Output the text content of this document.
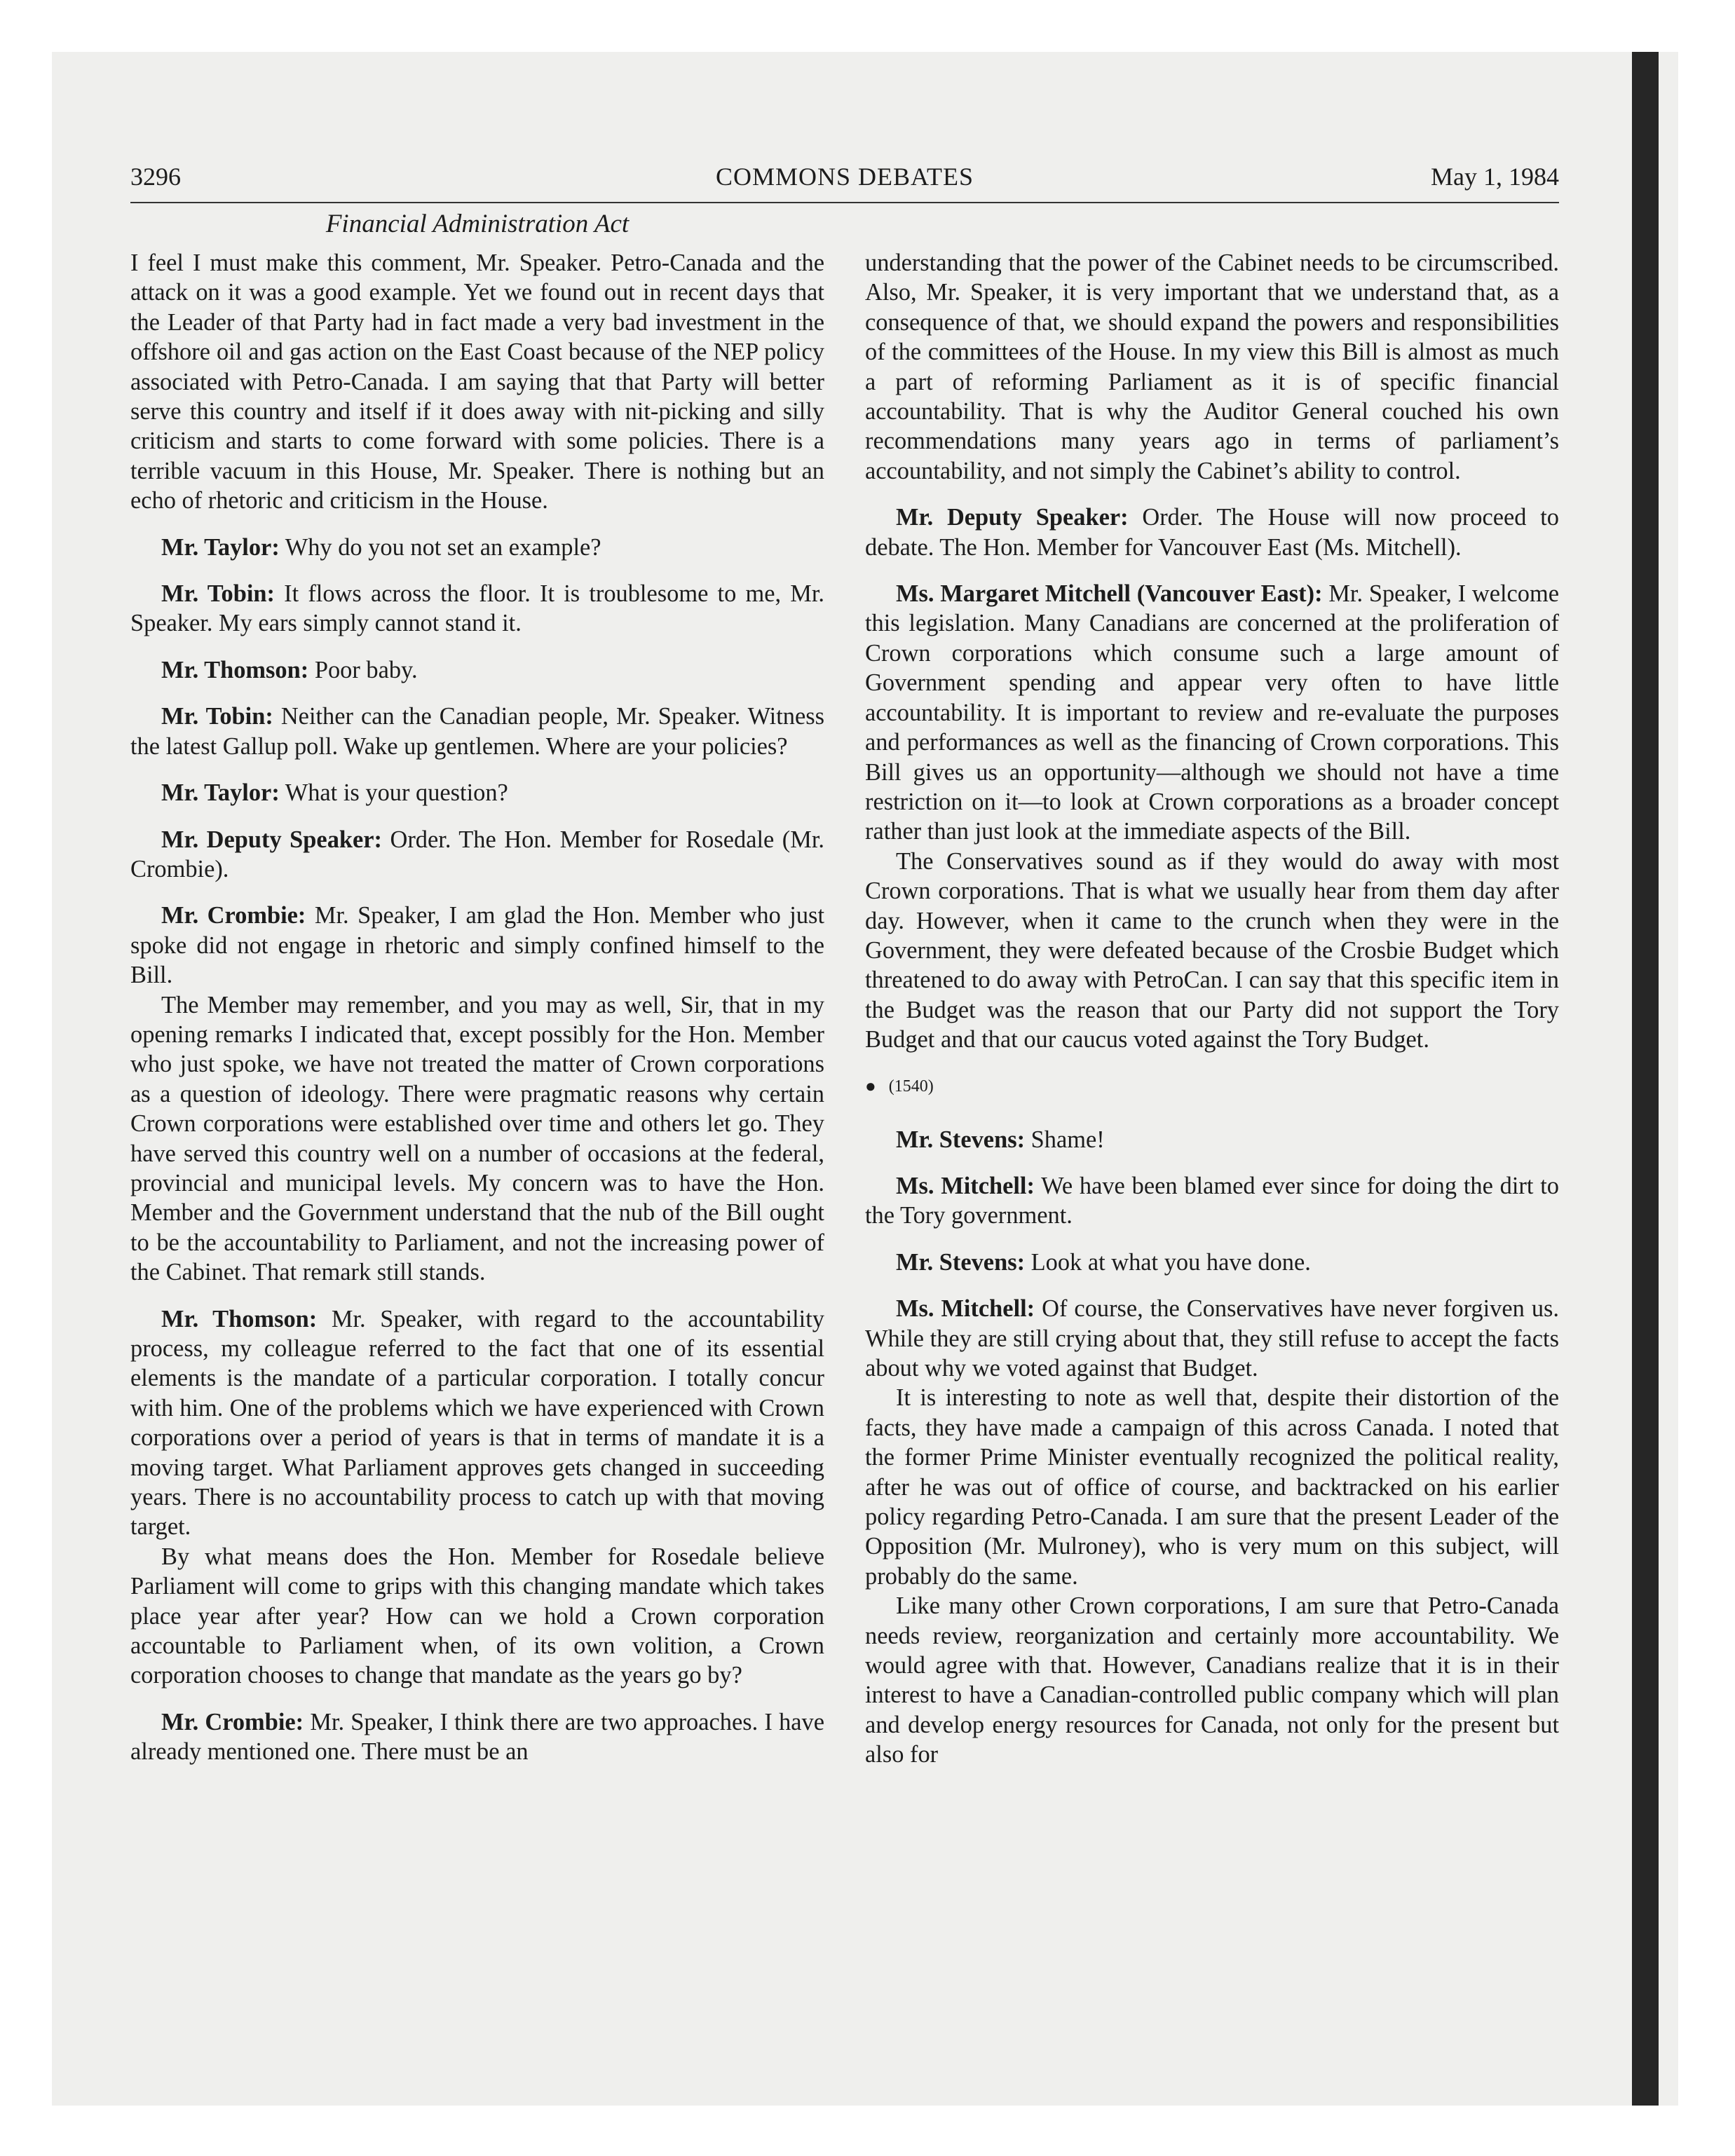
3296	COMMONS DEBATES	May 1, 1984
Financial Administration Act

I feel I must make this comment, Mr. Speaker. Petro-Canada and the attack on it was a good example. Yet we found out in recent days that the Leader of that Party had in fact made a very bad investment in the offshore oil and gas action on the East Coast because of the NEP policy associated with Petro-Canada. I am saying that that Party will better serve this country and itself if it does away with nit-picking and silly criticism and starts to come forward with some policies. There is a terrible vacuum in this House, Mr. Speaker. There is nothing but an echo of rhetoric and criticism in the House.

Mr. Taylor: Why do you not set an example?

Mr. Tobin: It flows across the floor. It is troublesome to me, Mr. Speaker. My ears simply cannot stand it.

Mr. Thomson: Poor baby.

Mr. Tobin: Neither can the Canadian people, Mr. Speaker. Witness the latest Gallup poll. Wake up gentlemen. Where are your policies?

Mr. Taylor: What is your question?

Mr. Deputy Speaker: Order. The Hon. Member for Rosedale (Mr. Crombie).

Mr. Crombie: Mr. Speaker, I am glad the Hon. Member who just spoke did not engage in rhetoric and simply confined himself to the Bill.

The Member may remember, and you may as well, Sir, that in my opening remarks I indicated that, except possibly for the Hon. Member who just spoke, we have not treated the matter of Crown corporations as a question of ideology. There were pragmatic reasons why certain Crown corporations were established over time and others let go. They have served this country well on a number of occasions at the federal, provincial and municipal levels. My concern was to have the Hon. Member and the Government understand that the nub of the Bill ought to be the accountability to Parliament, and not the increasing power of the Cabinet. That remark still stands.

Mr. Thomson: Mr. Speaker, with regard to the accountability process, my colleague referred to the fact that one of its essential elements is the mandate of a particular corporation. I totally concur with him. One of the problems which we have experienced with Crown corporations over a period of years is that in terms of mandate it is a moving target. What Parliament approves gets changed in succeeding years. There is no accountability process to catch up with that moving target.

By what means does the Hon. Member for Rosedale believe Parliament will come to grips with this changing mandate which takes place year after year? How can we hold a Crown corporation accountable to Parliament when, of its own volition, a Crown corporation chooses to change that mandate as the years go by?

Mr. Crombie: Mr. Speaker, I think there are two approaches. I have already mentioned one. There must be an

understanding that the power of the Cabinet needs to be circumscribed. Also, Mr. Speaker, it is very important that we understand that, as a consequence of that, we should expand the powers and responsibilities of the committees of the House. In my view this Bill is almost as much a part of reforming Parliament as it is of specific financial accountability. That is why the Auditor General couched his own recommendations many years ago in terms of parliament’s accountability, and not simply the Cabinet’s ability to control.

Mr. Deputy Speaker: Order. The House will now proceed to debate. The Hon. Member for Vancouver East (Ms. Mitchell).

Ms. Margaret Mitchell (Vancouver East): Mr. Speaker, I welcome this legislation. Many Canadians are concerned at the proliferation of Crown corporations which consume such a large amount of Government spending and appear very often to have little accountability. It is important to review and re-evaluate the purposes and performances as well as the financing of Crown corporations. This Bill gives us an opportunity—although we should not have a time restriction on it—to look at Crown corporations as a broader concept rather than just look at the immediate aspects of the Bill.

The Conservatives sound as if they would do away with most Crown corporations. That is what we usually hear from them day after day. However, when it came to the crunch when they were in the Government, they were defeated because of the Crosbie Budget which threatened to do away with PetroCan. I can say that this specific item in the Budget was the reason that our Party did not support the Tory Budget and that our caucus voted against the Tory Budget.

● (1540)

Mr. Stevens: Shame!

Ms. Mitchell: We have been blamed ever since for doing the dirt to the Tory government.

Mr. Stevens: Look at what you have done.

Ms. Mitchell: Of course, the Conservatives have never forgiven us. While they are still crying about that, they still refuse to accept the facts about why we voted against that Budget.

It is interesting to note as well that, despite their distortion of the facts, they have made a campaign of this across Canada. I noted that the former Prime Minister eventually recognized the political reality, after he was out of office of course, and backtracked on his earlier policy regarding Petro-Canada. I am sure that the present Leader of the Opposition (Mr. Mulroney), who is very mum on this subject, will probably do the same.

Like many other Crown corporations, I am sure that Petro-Canada needs review, reorganization and certainly more accountability. We would agree with that. However, Canadians realize that it is in their interest to have a Canadian-controlled public company which will plan and develop energy resources for Canada, not only for the present but also for
